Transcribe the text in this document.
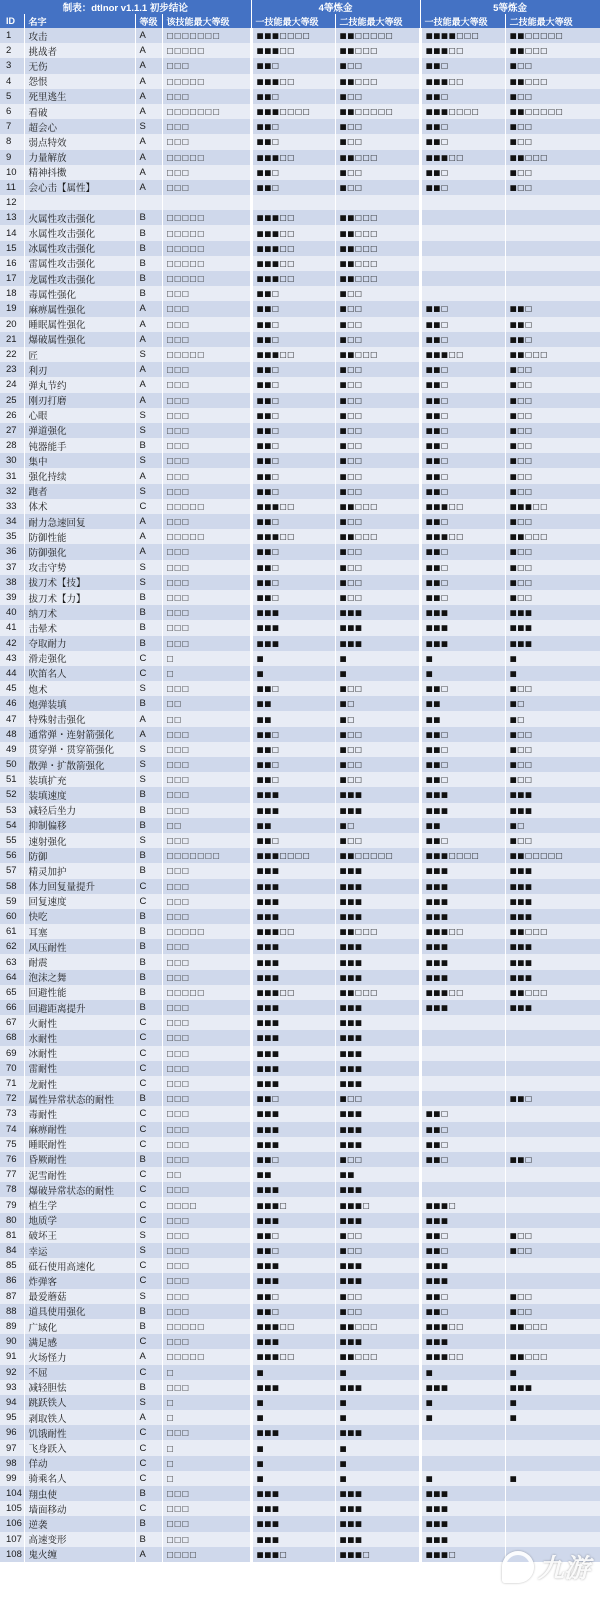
制表：dtlnor v1.1.1 初步结论				4等炼金		5等炼金	
ID	名字	等级	该技能最大等级	一技能最大等级	二技能最大等级	一技能最大等级	二技能最大等级
1	攻击	A	□□□□□□□	■■■□□□□	■■□□□□□	■■■■□□□	■■□□□□□
2	挑战者	A	□□□□□	■■■□□	■■□□□	■■■□□	■■□□□
3	无伤	A	□□□	■■□	■□□	■■□	■□□
4	怨恨	A	□□□□□	■■■□□	■■□□□	■■■□□	■■□□□
5	死里逃生	A	□□□	■■□	■□□	■■□	■□□
6	看破	A	□□□□□□□	■■■□□□□	■■□□□□□	■■■□□□□	■■□□□□□
7	超会心	S	□□□	■■□	■□□	■■□	■□□
8	弱点特效	A	□□□	■■□	■□□	■■□	■□□
9	力量解放	A	□□□□□	■■■□□	■■□□□	■■■□□	■■□□□
10	精神抖擞	A	□□□	■■□	■□□	■■□	■□□
11	会心击【属性】	A	□□□	■■□	■□□	■■□	■□□
12							
13	火属性攻击强化	B	□□□□□	■■■□□	■■□□□		
14	水属性攻击强化	B	□□□□□	■■■□□	■■□□□		
15	冰属性攻击强化	B	□□□□□	■■■□□	■■□□□		
16	雷属性攻击强化	B	□□□□□	■■■□□	■■□□□		
17	龙属性攻击强化	B	□□□□□	■■■□□	■■□□□		
18	毒属性强化	B	□□□	■■□	■□□		
19	麻痹属性强化	A	□□□	■■□	■□□	■■□	■■□
20	睡眠属性强化	A	□□□	■■□	■□□	■■□	■■□
21	爆破属性强化	A	□□□	■■□	■□□	■■□	■■□
22	匠	S	□□□□□	■■■□□	■■□□□	■■■□□	■■□□□
23	利刃	A	□□□	■■□	■□□	■■□	■□□
24	弹丸节约	A	□□□	■■□	■□□	■■□	■□□
25	刚刃打磨	A	□□□	■■□	■□□	■■□	■□□
26	心眼	S	□□□	■■□	■□□	■■□	■□□
27	弹道强化	S	□□□	■■□	■□□	■■□	■□□
28	钝器能手	B	□□□	■■□	■□□	■■□	■□□
30	集中	S	□□□	■■□	■□□	■■□	■□□
31	强化持续	A	□□□	■■□	■□□	■■□	■□□
32	跑者	S	□□□	■■□	■□□	■■□	■□□
33	体术	C	□□□□□	■■■□□	■■□□□	■■■□□	■■■□□
34	耐力急速回复	A	□□□	■■□	■□□	■■□	■□□
35	防御性能	A	□□□□□	■■■□□	■■□□□	■■■□□	■■□□□
36	防御强化	A	□□□	■■□	■□□	■■□	■□□
37	攻击守势	S	□□□	■■□	■□□	■■□	■□□
38	拔刀术【技】	S	□□□	■■□	■□□	■■□	■□□
39	拔刀术【力】	B	□□□	■■□	■□□	■■□	■□□
40	纳刀术	B	□□□	■■■	■■■	■■■	■■■
41	击晕术	B	□□□	■■■	■■■	■■■	■■■
42	夺取耐力	B	□□□	■■■	■■■	■■■	■■■
43	滑走强化	C	□	■	■	■	■
44	吹笛名人	C	□	■	■	■	■
45	炮术	S	□□□	■■□	■□□	■■□	■□□
46	炮弹装填	B	□□	■■	■□	■■	■□
47	特殊射击强化	A	□□	■■	■□	■■	■□
48	通常弹・连射箭强化	A	□□□	■■□	■□□	■■□	■□□
49	贯穿弹・贯穿箭强化	S	□□□	■■□	■□□	■■□	■□□
50	散弹・扩散箭强化	S	□□□	■■□	■□□	■■□	■□□
51	装填扩充	S	□□□	■■□	■□□	■■□	■□□
52	装填速度	B	□□□	■■■	■■■	■■■	■■■
53	减轻后坐力	B	□□□	■■■	■■■	■■■	■■■
54	抑制偏移	B	□□	■■	■□	■■	■□
55	速射强化	S	□□□	■■□	■□□	■■□	■□□
56	防御	B	□□□□□□□	■■■□□□□	■■□□□□□	■■■□□□□	■■□□□□□
57	精灵加护	B	□□□	■■■	■■■	■■■	■■■
58	体力回复量提升	C	□□□	■■■	■■■	■■■	■■■
59	回复速度	C	□□□	■■■	■■■	■■■	■■■
60	快吃	B	□□□	■■■	■■■	■■■	■■■
61	耳塞	B	□□□□□	■■■□□	■■□□□	■■■□□	■■□□□
62	风压耐性	B	□□□	■■■	■■■	■■■	■■■
63	耐震	B	□□□	■■■	■■■	■■■	■■■
64	泡沫之舞	B	□□□	■■■	■■■	■■■	■■■
65	回避性能	B	□□□□□	■■■□□	■■□□□	■■■□□	■■□□□
66	回避距离提升	B	□□□	■■■	■■■	■■■	■■■
67	火耐性	C	□□□	■■■	■■■		
68	水耐性	C	□□□	■■■	■■■		
69	冰耐性	C	□□□	■■■	■■■		
70	雷耐性	C	□□□	■■■	■■■		
71	龙耐性	C	□□□	■■■	■■■		
72	属性异常状态的耐性	B	□□□	■■□	■□□		■■□
73	毒耐性	C	□□□	■■■	■■■	■■□	
74	麻痹耐性	C	□□□	■■■	■■■	■■□	
75	睡眠耐性	C	□□□	■■■	■■■	■■□	
76	昏厥耐性	B	□□□	■■□	■□□	■■□	■■□
77	泥雪耐性	C	□□	■■	■■		
78	爆破异常状态的耐性	C	□□□	■■■	■■■		
79	植生学	C	□□□□	■■■□	■■■□	■■■□	
80	地质学	C	□□□	■■■	■■■	■■■	
81	破坏王	S	□□□	■■□	■□□	■■□	■□□
84	幸运	S	□□□	■■□	■□□	■■□	■□□
85	砥石使用高速化	C	□□□	■■■	■■■	■■■	
86	炸弹客	C	□□□	■■■	■■■	■■■	
87	最爱蘑菇	S	□□□	■■□	■□□	■■□	■□□
88	道具使用强化	B	□□□	■■□	■□□	■■□	■□□
89	广域化	B	□□□□□	■■■□□	■■□□□	■■■□□	■■□□□
90	满足感	C	□□□	■■■	■■■	■■■	
91	火场怪力	A	□□□□□	■■■□□	■■□□□	■■■□□	■■□□□
92	不屈	C	□	■	■	■	■
93	减轻胆怯	B	□□□	■■■	■■■	■■■	■■■
94	跳跃铁人	S	□	■	■	■	■
95	剥取铁人	A	□	■	■	■	■
96	饥饿耐性	C	□□□	■■■	■■■		
97	飞身跃入	C	□	■	■		
98	佯动	C	□	■	■		
99	骑乘名人	C	□	■	■	■	■
104	翔虫使	B	□□□	■■■	■■■	■■■	
105	墙面移动	C	□□□	■■■	■■■	■■■	
106	逆袭	B	□□□	■■■	■■■	■■■	
107	高速变形	B	□□□	■■■	■■■	■■■	
108	鬼火缠	A	□□□□	■■■□	■■■□	■■■□		九游
